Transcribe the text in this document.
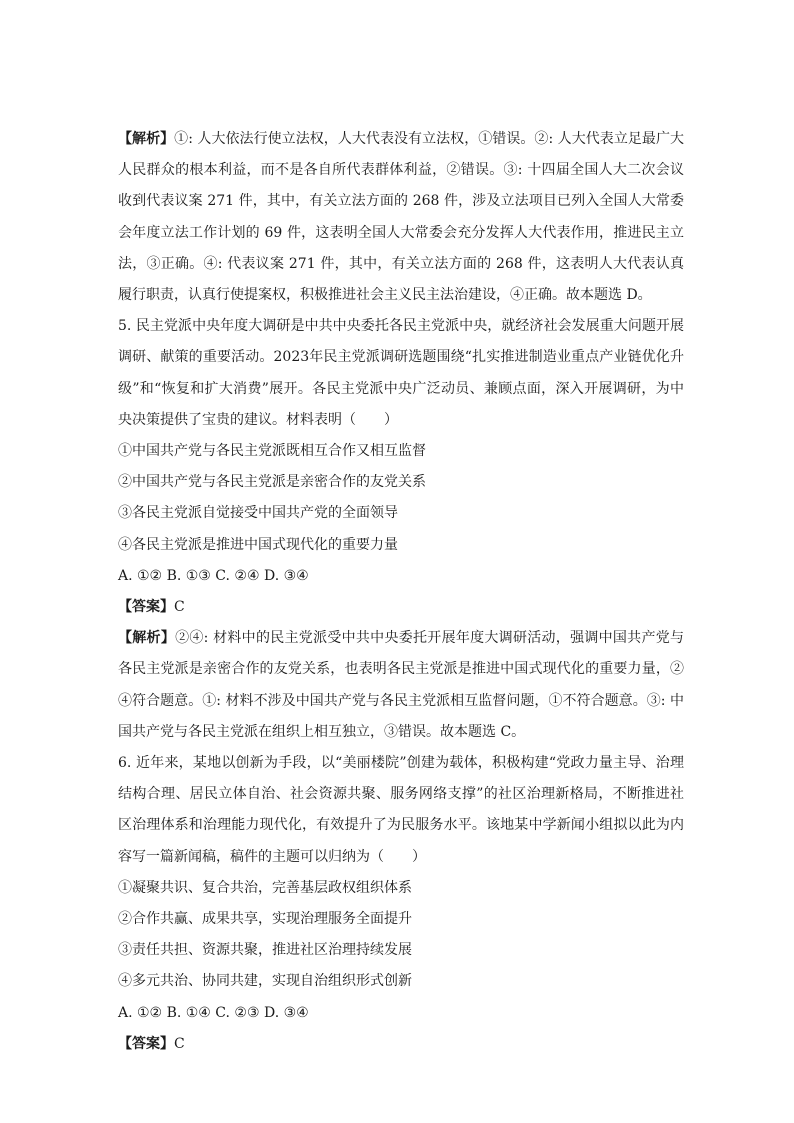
【解析】①: 人大依法行使立法权，人大代表没有立法权，①错误。②: 人大代表立足最广大人民群众的根本利益，而不是各自所代表群体利益，②错误。③: 十四届全国人大二次会议收到代表议案 271 件，其中，有关立法方面的 268 件，涉及立法项目已列入全国人大常委会年度立法工作计划的 69 件，这表明全国人大常委会充分发挥人大代表作用，推进民主立法，③正确。④: 代表议案 271 件，其中，有关立法方面的 268 件，这表明人大代表认真履行职责，认真行使提案权，积极推进社会主义民主法治建设，④正确。故本题选 D。

5. 民主党派中央年度大调研是中共中央委托各民主党派中央，就经济社会发展重大问题开展调研、献策的重要活动。2023年民主党派调研选题围绕“扎实推进制造业重点产业链优化升级”和“恢复和扩大消费”展开。各民主党派中央广泛动员、兼顾点面，深入开展调研，为中央决策提供了宝贵的建议。材料表明（　　）

①中国共产党与各民主党派既相互合作又相互监督

②中国共产党与各民主党派是亲密合作的友党关系

③各民主党派自觉接受中国共产党的全面领导

④各民主党派是推进中国式现代化的重要力量

A. ①② B. ①③ C. ②④ D. ③④

【答案】C

【解析】②④: 材料中的民主党派受中共中央委托开展年度大调研活动，强调中国共产党与各民主党派是亲密合作的友党关系，也表明各民主党派是推进中国式现代化的重要力量，②④符合题意。①: 材料不涉及中国共产党与各民主党派相互监督问题，①不符合题意。③: 中国共产党与各民主党派在组织上相互独立，③错误。故本题选 C。

6. 近年来，某地以创新为手段，以“美丽楼院”创建为载体，积极构建“党政力量主导、治理结构合理、居民立体自治、社会资源共聚、服务网络支撑”的社区治理新格局，不断推进社区治理体系和治理能力现代化，有效提升了为民服务水平。该地某中学新闻小组拟以此为内容写一篇新闻稿，稿件的主题可以归纳为（　　）

①凝聚共识、复合共治，完善基层政权组织体系

②合作共赢、成果共享，实现治理服务全面提升

③责任共担、资源共聚，推进社区治理持续发展

④多元共治、协同共建，实现自治组织形式创新

A. ①② B. ①④ C. ②③ D. ③④

【答案】C
